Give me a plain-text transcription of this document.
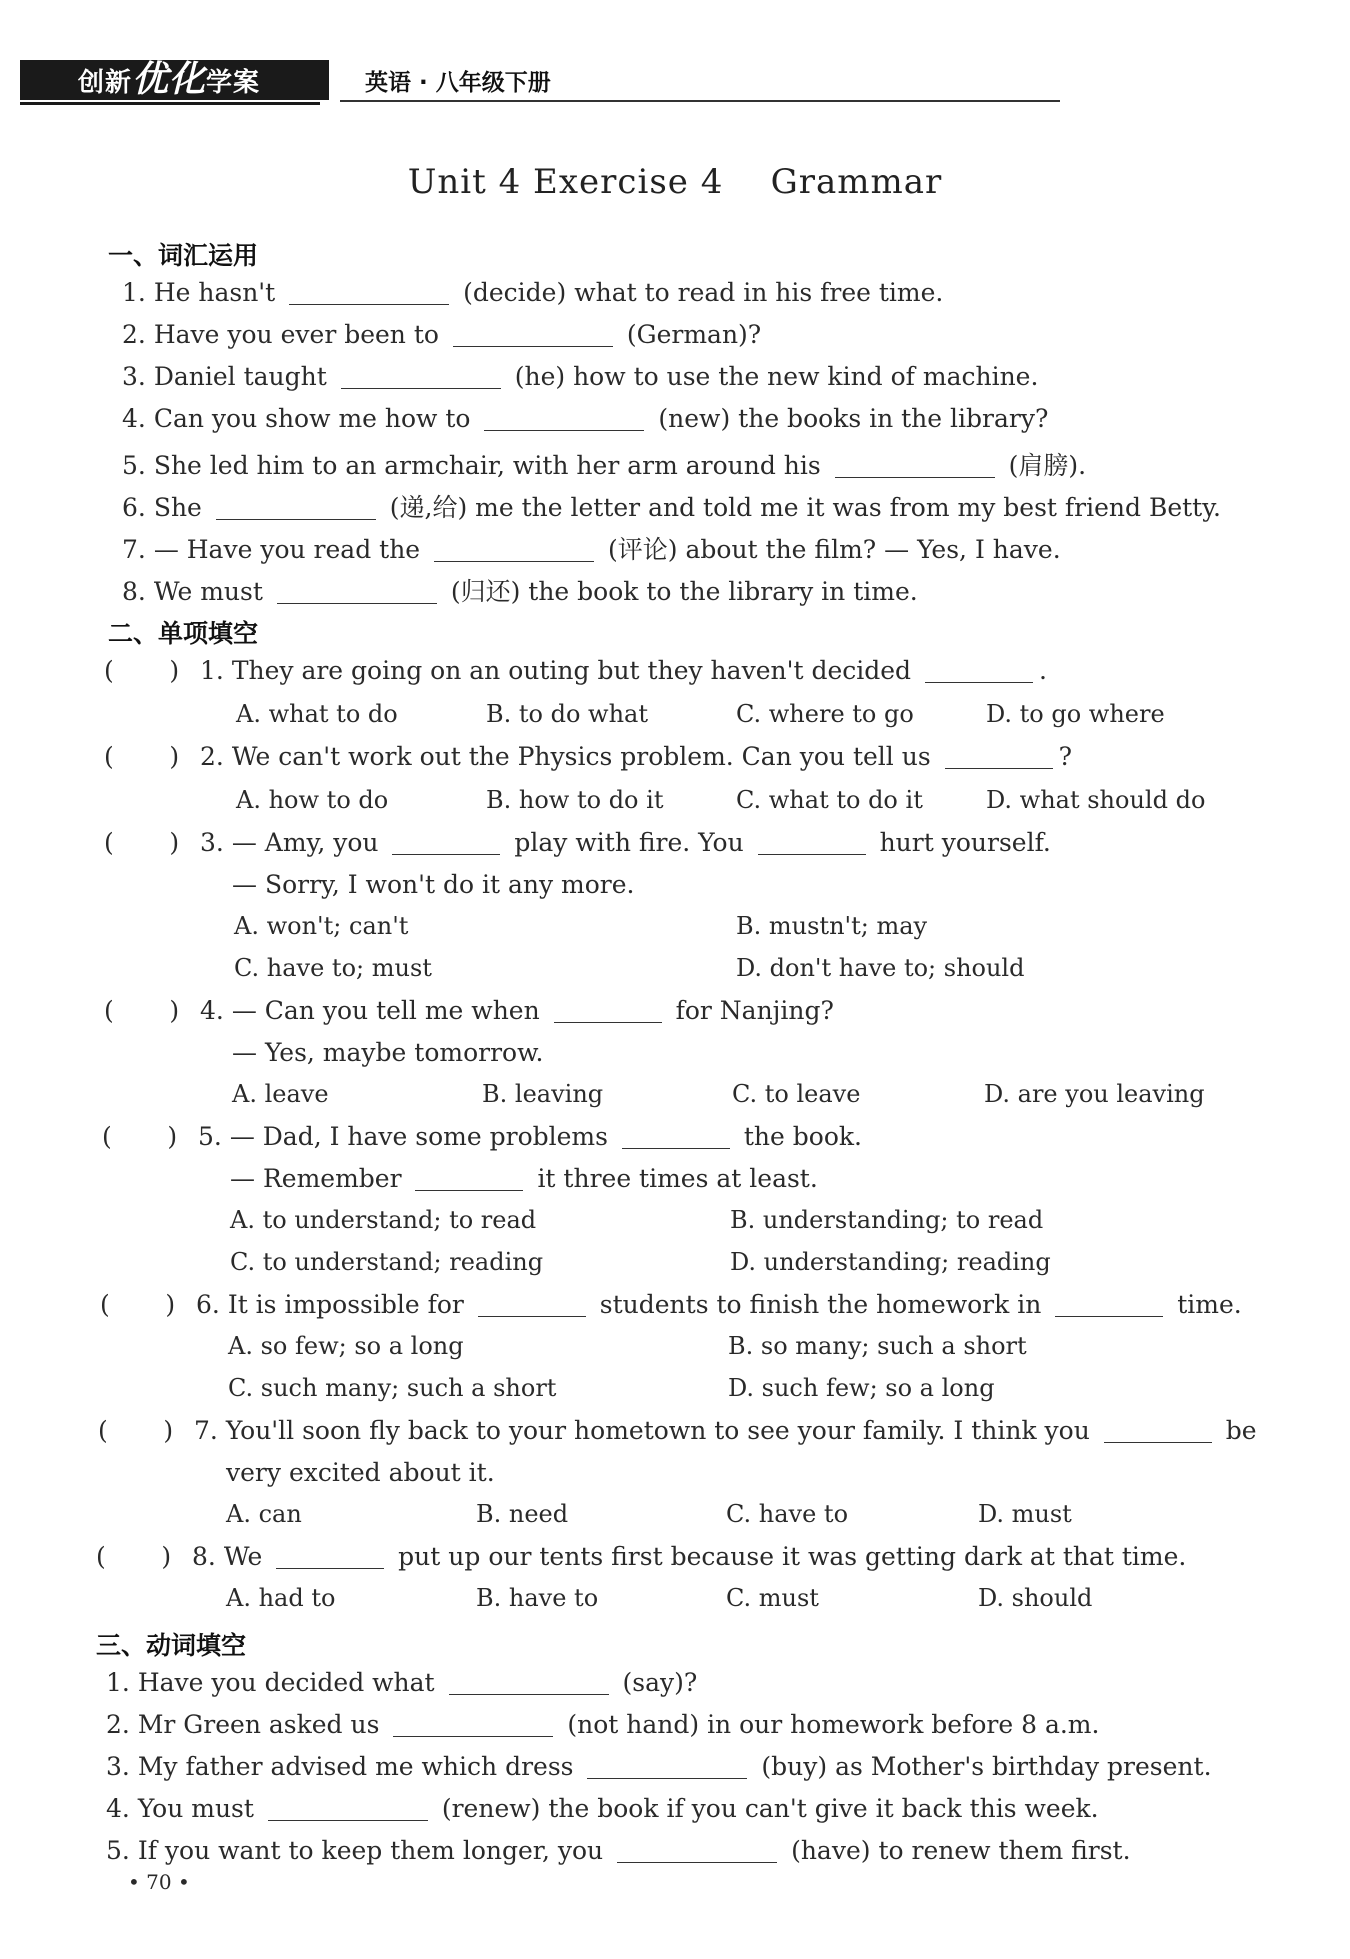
创新优化学案	英语 · 八年级下册
Unit 4 Exercise 4    Grammar
一、词汇运用
1. He hasn't	(decide) what to read in his free time.
2. Have you ever been to	(German)?
3. Daniel taught	(he) how to use the new kind of machine.
4. Can you show me how to	(new) the books in the library?
5. She led him to an armchair, with her arm around his	(肩膀).
6. She	(递,给) me the letter and told me it was from my best friend Betty.
7. — Have you read the	(评论) about the film? — Yes, I have.
8. We must	(归还) the book to the library in time.
二、单项填空
(       ) 1. They are going on an outing but they haven't decided	.
A. what to do	B. to do what	C. where to go	D. to go where
(       ) 2. We can't work out the Physics problem. Can you tell us	?
A. how to do	B. how to do it	C. what to do it	D. what should do
(       ) 3. — Amy, you	play with fire. You	hurt yourself.
— Sorry, I won't do it any more.
A. won't; can't	B. mustn't; may
C. have to; must	D. don't have to; should
(       ) 4. — Can you tell me when	for Nanjing?
— Yes, maybe tomorrow.
A. leave	B. leaving	C. to leave	D. are you leaving
(       ) 5. — Dad, I have some problems	the book.
— Remember	it three times at least.
A. to understand; to read	B. understanding; to read
C. to understand; reading	D. understanding; reading
(       ) 6. It is impossible for	students to finish the homework in	time.
A. so few; so a long	B. so many; such a short
C. such many; such a short	D. such few; so a long
(       ) 7. You'll soon fly back to your hometown to see your family. I think you	be
very excited about it.
A. can	B. need	C. have to	D. must
(       ) 8. We	put up our tents first because it was getting dark at that time.
A. had to	B. have to	C. must	D. should
三、动词填空
1. Have you decided what	(say)?
2. Mr Green asked us	(not hand) in our homework before 8 a.m.
3. My father advised me which dress	(buy) as Mother's birthday present.
4. You must	(renew) the book if you can't give it back this week.
5. If you want to keep them longer, you	(have) to renew them first.
• 70 •
